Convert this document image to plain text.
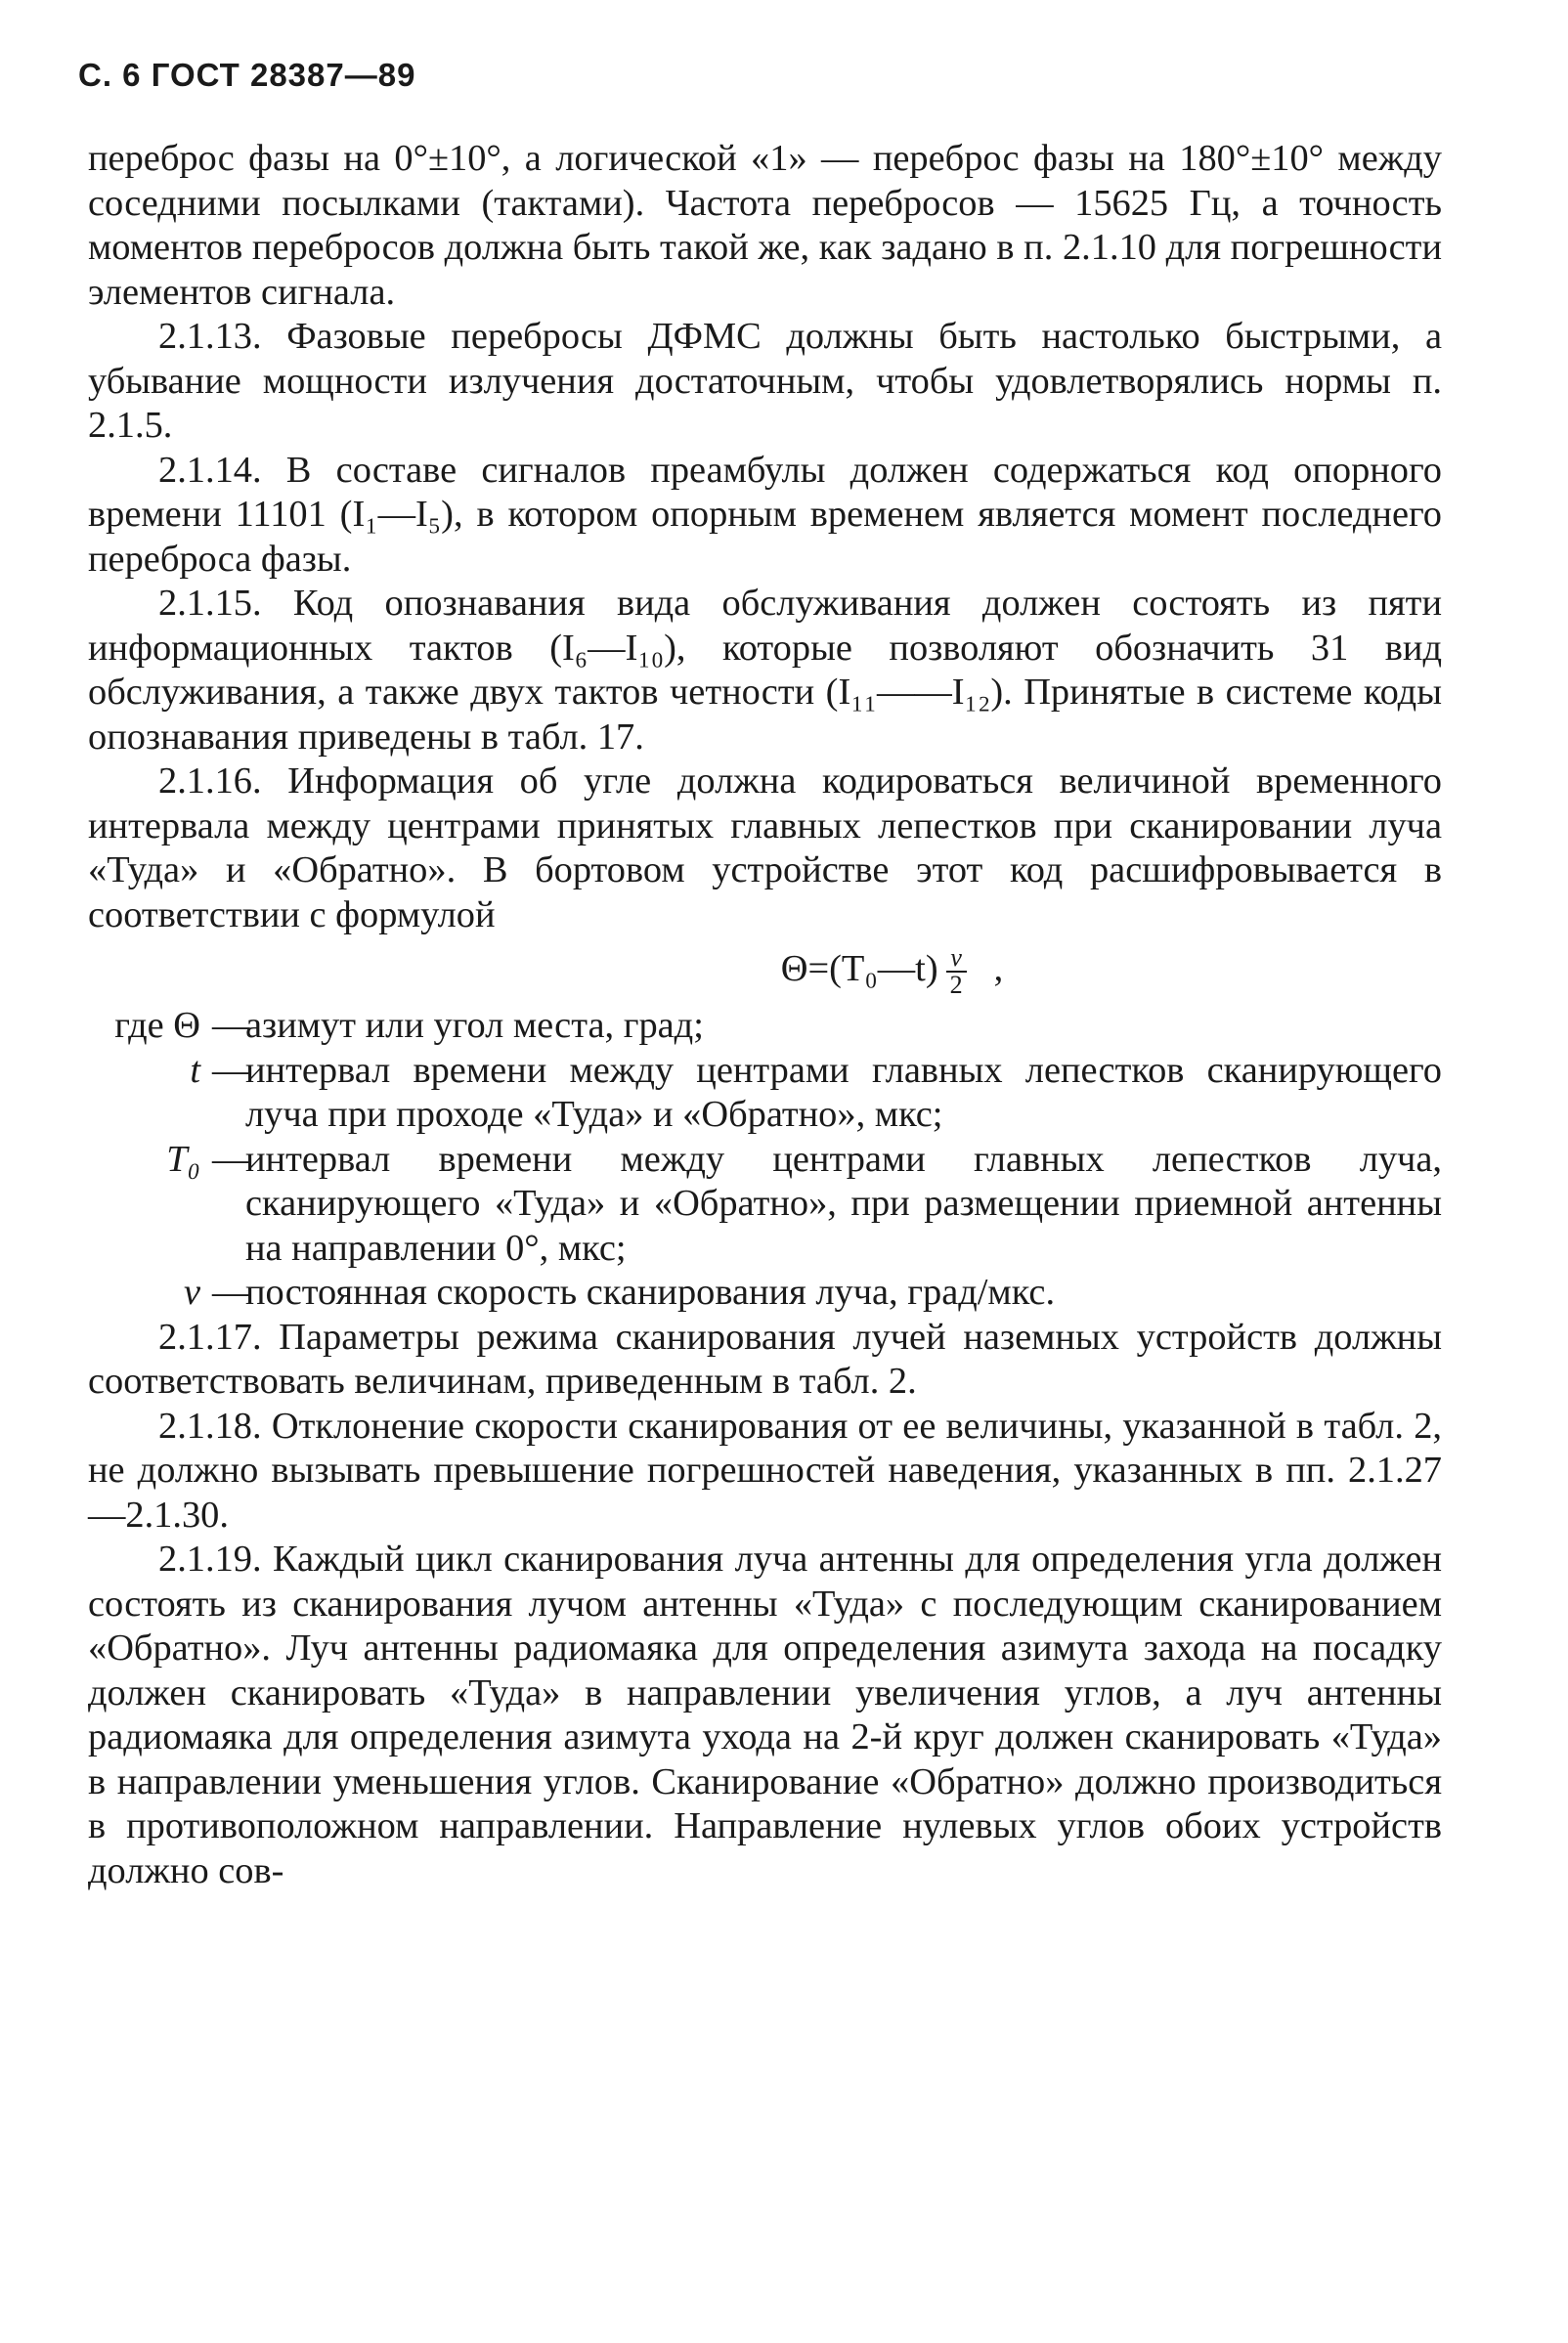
С. 6 ГОСТ 28387—89

переброс фазы на 0°±10°, а логической «1» — переброс фазы на 180°±10° между соседними посылками (тактами). Частота перебросов — 15625 Гц, а точность моментов перебросов должна быть такой же, как задано в п. 2.1.10 для погрешности элементов сигнала.

2.1.13. Фазовые перебросы ДФМС должны быть настолько быстрыми, а убывание мощности излучения достаточным, чтобы удовлетворялись нормы п. 2.1.5.

2.1.14. В составе сигналов преамбулы должен содержаться код опорного времени 11101 (I₁—I₅), в котором опорным временем является момент последнего переброса фазы.

2.1.15. Код опознавания вида обслуживания должен состоять из пяти информационных тактов (I₆—I₁₀), которые позволяют обозначить 31 вид обслуживания, а также двух тактов четности (I₁₁——I₁₂). Принятые в системе коды опознавания приведены в табл. 17.

2.1.16. Информация об угле должна кодироваться величиной временного интервала между центрами принятых главных лепестков при сканировании луча «Туда» и «Обратно». В бортовом устройстве этот код расшифровывается в соответствии с формулой

Θ=(T₀—t) $\frac{v}{2}$ ,

где Θ —
азимут или угол места, град;
t —
интервал времени между центрами главных лепестков сканирующего луча при проходе «Туда» и «Обратно», мкс;
T₀ —
интервал времени между центрами главных лепестков луча, сканирующего «Туда» и «Обратно», при размещении приемной антенны на направлении 0°, мкс;
v —
постоянная скорость сканирования луча, град/мкс.

2.1.17. Параметры режима сканирования лучей наземных устройств должны соответствовать величинам, приведенным в табл. 2.

2.1.18. Отклонение скорости сканирования от ее величины, указанной в табл. 2, не должно вызывать превышение погрешностей наведения, указанных в пп. 2.1.27—2.1.30.

2.1.19. Каждый цикл сканирования луча антенны для определения угла должен состоять из сканирования лучом антенны «Туда» с последующим сканированием «Обратно». Луч антенны радиомаяка для определения азимута захода на посадку должен сканировать «Туда» в направлении увеличения углов, а луч антенны радиомаяка для определения азимута ухода на 2-й круг должен сканировать «Туда» в направлении уменьшения углов. Сканирование «Обратно» должно производиться в противоположном направлении. Направление нулевых углов обоих устройств должно сов-
